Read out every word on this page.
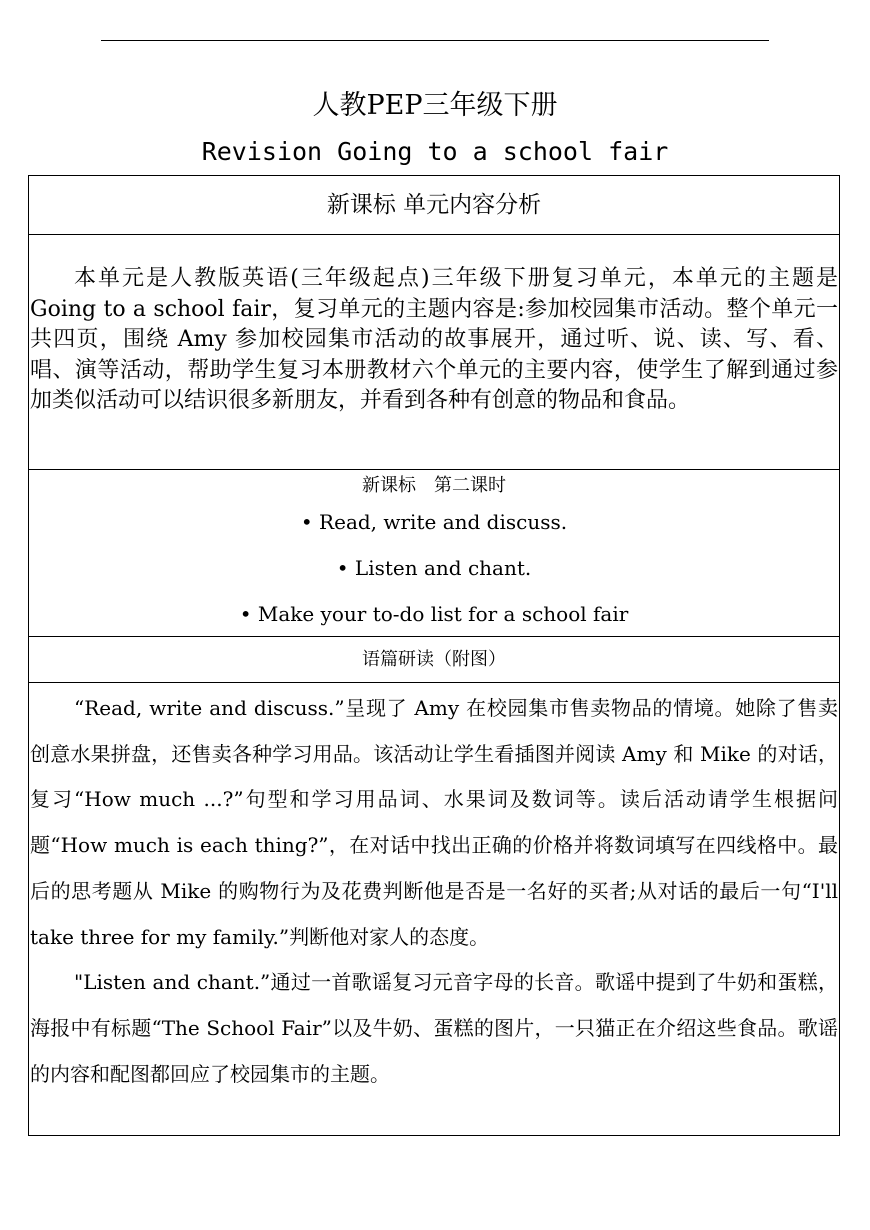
人教PEP三年级下册
Revision Going to a school fair
新课标 单元内容分析

本单元是人教版英语(三年级起点)三年级下册复习单元，本单元的主题是 Going to a school fair，复习单元的主题内容是:参加校园集市活动。整个单元一共四页，围绕 Amy 参加校园集市活动的故事展开，通过听、说、读、写、看、唱、演等活动，帮助学生复习本册教材六个单元的主要内容，使学生了解到通过参加类似活动可以结识很多新朋友，并看到各种有创意的物品和食品。

新课标　第二课时
• Read, write and discuss.
• Listen and chant.
• Make your to-do list for a school fair
语篇研读（附图）

“Read, write and discuss.”呈现了 Amy 在校园集市售卖物品的情境。她除了售卖创意水果拼盘，还售卖各种学习用品。该活动让学生看插图并阅读 Amy 和 Mike 的对话，复习“How much ...?”句型和学习用品词、水果词及数词等。读后活动请学生根据问题“How much is each thing?”，在对话中找出正确的价格并将数词填写在四线格中。最后的思考题从 Mike 的购物行为及花费判断他是否是一名好的买者;从对话的最后一句“I'll take three for my family.”判断他对家人的态度。

"Listen and chant.”通过一首歌谣复习元音字母的长音。歌谣中提到了牛奶和蛋糕，海报中有标题“The School Fair”以及牛奶、蛋糕的图片，一只猫正在介绍这些食品。歌谣的内容和配图都回应了校园集市的主题。
